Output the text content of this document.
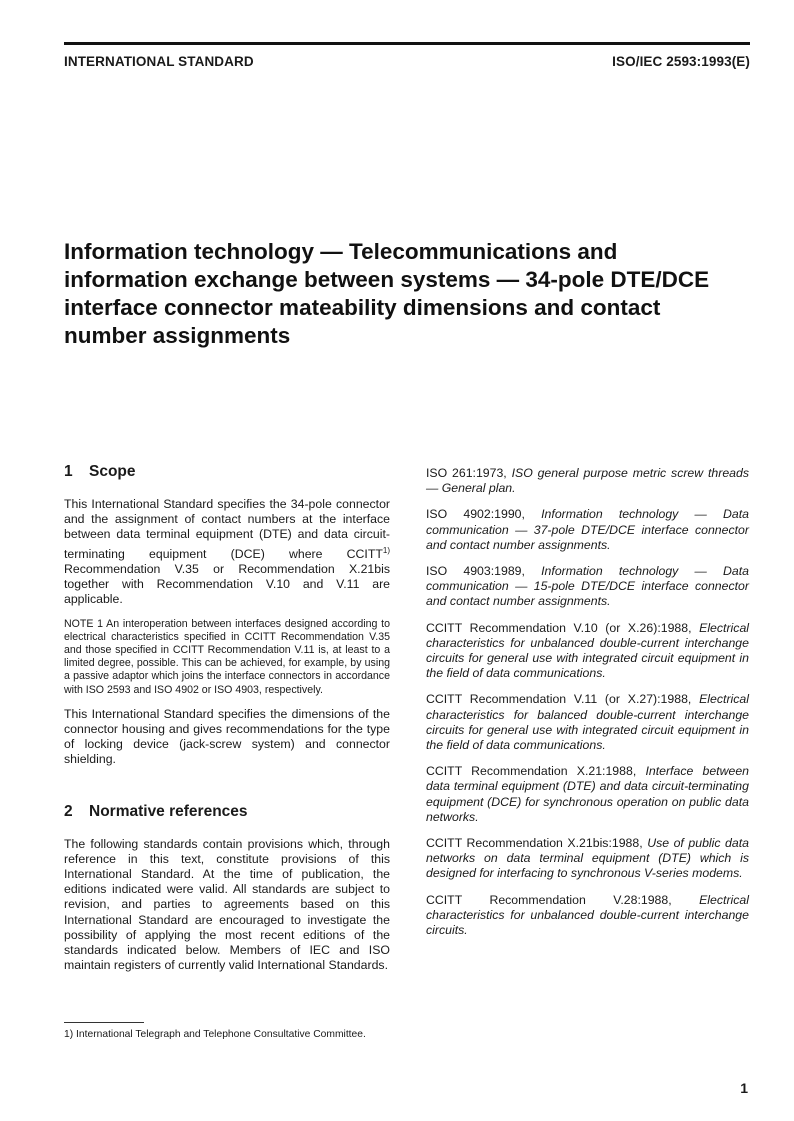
INTERNATIONAL STANDARD	ISO/IEC 2593:1993(E)
Information technology — Telecommunications and information exchange between systems — 34-pole DTE/DCE interface connector mateability dimensions and contact number assignments
1 Scope

This International Standard specifies the 34-pole connector and the assignment of contact numbers at the interface between data terminal equipment (DTE) and data circuit-terminating equipment (DCE) where CCITT$^{1)}$ Recommendation V.35 or Recommendation X.21bis together with Recommendation V.10 and V.11 are applicable.

NOTE 1 An interoperation between interfaces designed according to electrical characteristics specified in CCITT Recommendation V.35 and those specified in CCITT Recommendation V.11 is, at least to a limited degree, possible. This can be achieved, for example, by using a passive adaptor which joins the interface connectors in accordance with ISO 2593 and ISO 4902 or ISO 4903, respectively.

This International Standard specifies the dimensions of the connector housing and gives recommendations for the type of locking device (jack-screw system) and connector shielding.

2 Normative references

The following standards contain provisions which, through reference in this text, constitute provisions of this International Standard. At the time of publication, the editions indicated were valid. All standards are subject to revision, and parties to agreements based on this International Standard are encouraged to investigate the possibility of applying the most recent editions of the standards indicated below. Members of IEC and ISO maintain registers of currently valid International Standards.

ISO 261:1973, ISO general purpose metric screw threads — General plan.

ISO 4902:1990, Information technology — Data communication — 37-pole DTE/DCE interface connector and contact number assignments.

ISO 4903:1989, Information technology — Data communication — 15-pole DTE/DCE interface connector and contact number assignments.

CCITT Recommendation V.10 (or X.26):1988, Electrical characteristics for unbalanced double-current interchange circuits for general use with integrated circuit equipment in the field of data communications.

CCITT Recommendation V.11 (or X.27):1988, Electrical characteristics for balanced double-current interchange circuits for general use with integrated circuit equipment in the field of data communications.

CCITT Recommendation X.21:1988, Interface between data terminal equipment (DTE) and data circuit-terminating equipment (DCE) for synchronous operation on public data networks.

CCITT Recommendation X.21bis:1988, Use of public data networks on data terminal equipment (DTE) which is designed for interfacing to synchronous V-series modems.

CCITT Recommendation V.28:1988, Electrical characteristics for unbalanced double-current interchange circuits.

1) International Telegraph and Telephone Consultative Committee.
1
